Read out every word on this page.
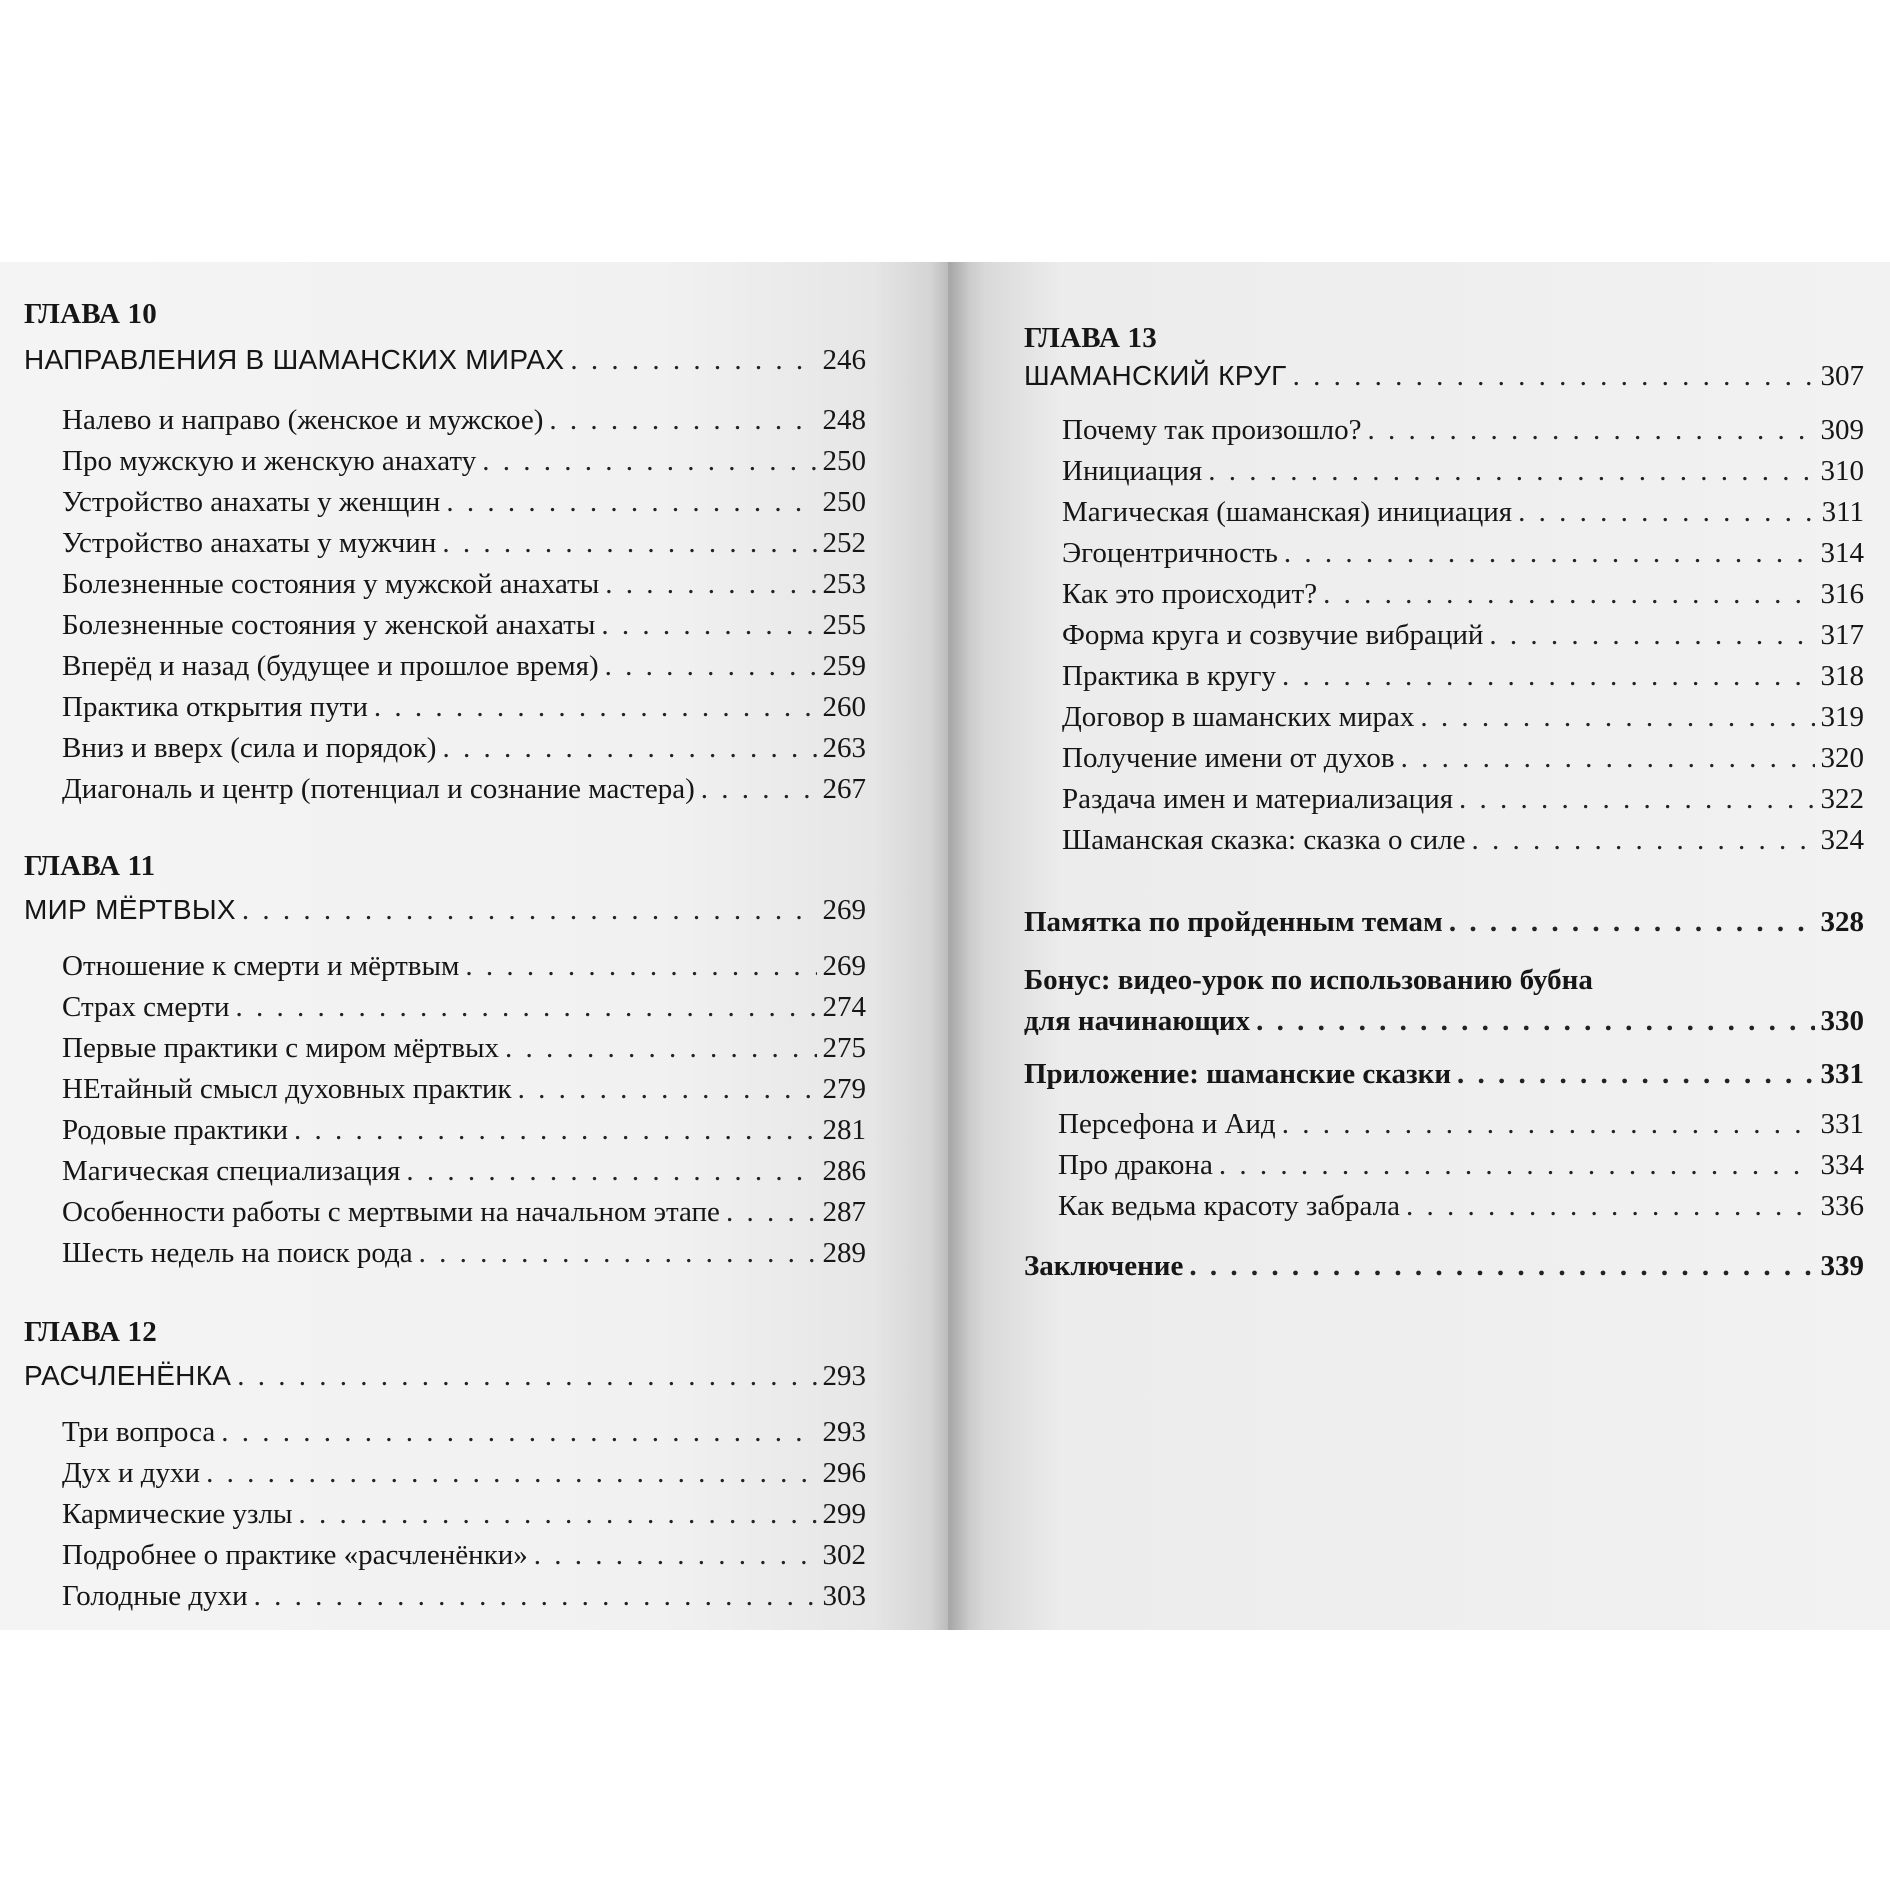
ГЛАВА 10
НАПРАВЛЕНИЯ В ШАМАНСКИХ МИРАХ . . .	246
Налево и направо (женское и мужское) . . .	248
Про мужскую и женскую анахату . . .	250
Устройство анахаты у женщин . . .	250
Устройство анахаты у мужчин . . .	252
Болезненные состояния у мужской анахаты . . .	253
Болезненные состояния у женской анахаты . . .	255
Вперёд и назад (будущее и прошлое время) . . .	259
Практика открытия пути . . .	260
Вниз и вверх (сила и порядок) . . .	263
Диагональ и центр (потенциал и сознание мастера) . . .	267
ГЛАВА 11
МИР МЁРТВЫХ . . .	269
Отношение к смерти и мёртвым . . .	269
Страх смерти . . .	274
Первые практики с миром мёртвых . . .	275
НЕтайный смысл духовных практик . . .	279
Родовые практики . . .	281
Магическая специализация . . .	286
Особенности работы с мертвыми на начальном этапе . . .	287
Шесть недель на поиск рода . . .	289
ГЛАВА 12
РАСЧЛЕНЁНКА . . .	293
Три вопроса . . .	293
Дух и духи . . .	296
Кармические узлы . . .	299
Подробнее о практике «расчленёнки» . . .	302
Голодные духи . . .	303
ГЛАВА 13
ШАМАНСКИЙ КРУГ . . .	307
Почему так произошло? . . .	309
Инициация . . .	310
Магическая (шаманская) инициация . . .	311
Эгоцентричность . . .	314
Как это происходит? . . .	316
Форма круга и созвучие вибраций . . .	317
Практика в кругу . . .	318
Договор в шаманских мирах . . .	319
Получение имени от духов . . .	320
Раздача имен и материализация . . .	322
Шаманская сказка: сказка о силе . . .	324
Памятка по пройденным темам . . .	328
Бонус: видео-урок по использованию бубна
для начинающих . . .	330
Приложение: шаманские сказки . . .	331
Персефона и Аид . . .	331
Про дракона . . .	334
Как ведьма красоту забрала . . .	336
Заключение . . .	339
